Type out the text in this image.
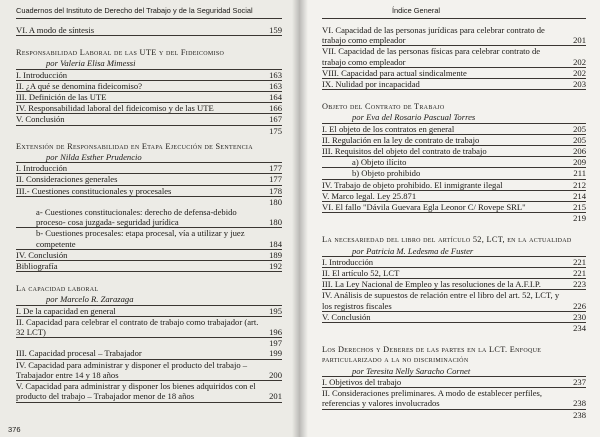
Cuadernos del Instituto de Derecho del Trabajo y de la Seguridad Social
VI. A modo de síntesis	159
Responsabilidad Laboral de las UTE y del Fideicomiso
por Valeria Elisa Mimessi
I. Introducción	163
II. ¿A qué se denomina fideicomiso?	163
III. Definición de las UTE	164
IV. Responsabilidad laboral del fideicomiso y de las UTE	166
V. Conclusión	167
175
Extensión de Responsabilidad en Etapa Ejecución de Sentencia
por Nilda Esther Prudencio
I. Introducción	177
II. Consideraciones generales	177
III.- Cuestiones constitucionales y procesales	178
180
a- Cuestiones constitucionales: derecho de defensa-debido proceso- cosa juzgada- seguridad jurídica	180
b- Cuestiones procesales: etapa procesal, vía a utilizar y juez competente	184
IV. Conclusión	189
Bibliografía	192
La capacidad laboral
por Marcelo R. Zarazaga
I. De la capacidad en general	195
II. Capacidad para celebrar el contrato de trabajo como trabajador (art. 32 LCT)	196
197
III. Capacidad procesal – Trabajador	199
IV. Capacidad para administrar y disponer el producto del trabajo – Trabajador entre 14 y 18 años	200
V. Capacidad para administrar y disponer los bienes adquiridos con el producto del trabajo – Trabajador menor de 18 años	201
376
Índice General
VI. Capacidad de las personas jurídicas para celebrar contrato de trabajo como empleador	201
VII. Capacidad de las personas físicas para celebrar contrato de trabajo como empleador	202
VIII. Capacidad para actual sindicalmente	202
IX. Nulidad por incapacidad	203
Objeto del Contrato de Trabajo
por Eva del Rosario Pascual Torres
I. El objeto de los contratos en general	205
II. Regulación en la ley de contrato de trabajo	205
III. Requisitos del objeto del contrato de trabajo	206
a) Objeto ilícito	209
b) Objeto prohibido	211
IV. Trabajo de objeto prohibido. El inmigrante ilegal	212
V. Marco legal. Ley 25.871	214
VI. El fallo "Dávila Guevara Egla Leonor C/ Rovepe SRL"	215
219
La necesariedad del libro del artículo 52, LCT, en la actualidad
por Patricia M. Ledesma de Fuster
I. Introducción	221
II. El artículo 52, LCT	221
III. La Ley Nacional de Empleo y las resoluciones de la A.F.I.P.	223
IV. Análisis de supuestos de relación entre el libro del art. 52, LCT, y los registros fiscales	226
V. Conclusión	230
234
Los Derechos y Deberes de las partes en la LCT. Enfoque particularizado a la no discriminación
por Teresita Nelly Saracho Cornet
I. Objetivos del trabajo	237
II. Consideraciones preliminares. A modo de establecer perfiles, referencias y valores involucrados	238
238
